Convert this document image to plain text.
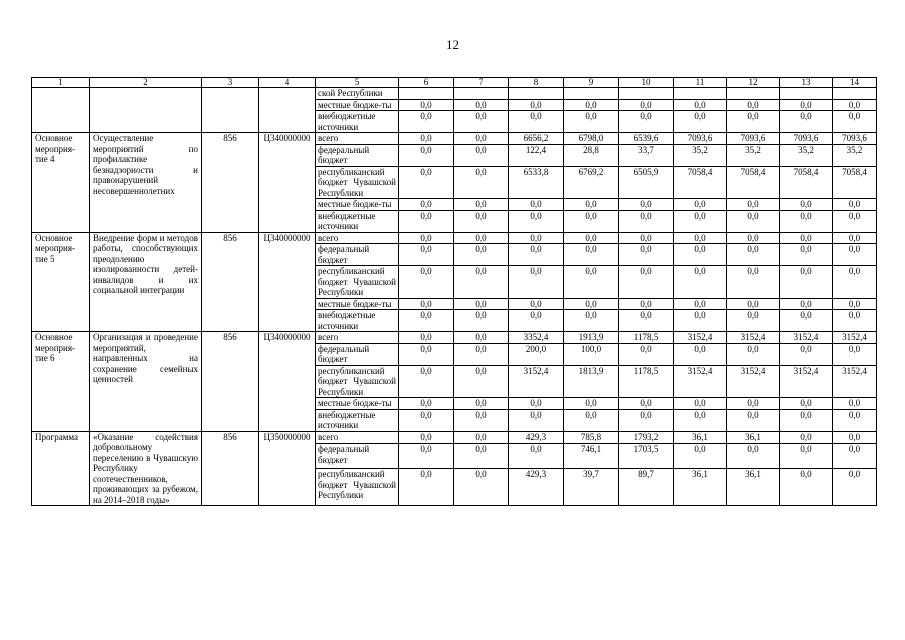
12
1	2	3	4	5	6	7	8	9	10	11	12	13	14
				ской Республики									
				местные бюдже-ты	0,0	0,0	0,0	0,0	0,0	0,0	0,0	0,0	0,0
				внебюджетные источники	0,0	0,0	0,0	0,0	0,0	0,0	0,0	0,0	0,0
Основное мероприя-тие 4	Осуществление мероприятий по профилактике безнадзорности и правонарушений несовершеннолетних	856	Ц340000000	всего	0,0	0,0	6656,2	6798,0	6539,6	7093,6	7093,6	7093,6	7093,6
				федеральный бюджет	0,0	0,0	122,4	28,8	33,7	35,2	35,2	35,2	35,2
				республиканский бюджет Чувашской Республики	0,0	0,0	6533,8	6769,2	6505,9	7058,4	7058,4	7058,4	7058,4
				местные бюдже-ты	0,0	0,0	0,0	0,0	0,0	0,0	0,0	0,0	0,0
				внебюджетные источники	0,0	0,0	0,0	0,0	0,0	0,0	0,0	0,0	0,0
Основное мероприя-тие 5	Внедрение форм и методов работы, способствующих преодолению изолированности детей-инвалидов и их социальной интеграции	856	Ц340000000	всего	0,0	0,0	0,0	0,0	0,0	0,0	0,0	0,0	0,0
				федеральный бюджет	0,0	0,0	0,0	0,0	0,0	0,0	0,0	0,0	0,0
				республиканский бюджет Чувашской Республики	0,0	0,0	0,0	0,0	0,0	0,0	0,0	0,0	0,0
				местные бюдже-ты	0,0	0,0	0,0	0,0	0,0	0,0	0,0	0,0	0,0
				внебюджетные источники	0,0	0,0	0,0	0,0	0,0	0,0	0,0	0,0	0,0
Основное мероприя-тие 6	Организация и проведение мероприятий, направленных на сохранение семейных ценностей	856	Ц340000000	всего	0,0	0,0	3352,4	1913,9	1178,5	3152,4	3152,4	3152,4	3152,4
				федеральный бюджет	0,0	0,0	200,0	100,0	0,0	0,0	0,0	0,0	0,0
				республиканский бюджет Чувашской Республики	0,0	0,0	3152,4	1813,9	1178,5	3152,4	3152,4	3152,4	3152,4
				местные бюдже-ты	0,0	0,0	0,0	0,0	0,0	0,0	0,0	0,0	0,0
				внебюджетные источники	0,0	0,0	0,0	0,0	0,0	0,0	0,0	0,0	0,0
Программа	«Оказание содействия добровольному переселению в Чувашскую Республику соотечественников, проживающих за рубежом, на 2014–2018 годы»	856	Ц350000000	всего	0,0	0,0	429,3	785,8	1793,2	36,1	36,1	0,0	0,0
				федеральный бюджет	0,0	0,0	0,0	746,1	1703,5	0,0	0,0	0,0	0,0
				республиканский бюджет Чувашской Республики	0,0	0,0	429,3	39,7	89,7	36,1	36,1	0,0	0,0
